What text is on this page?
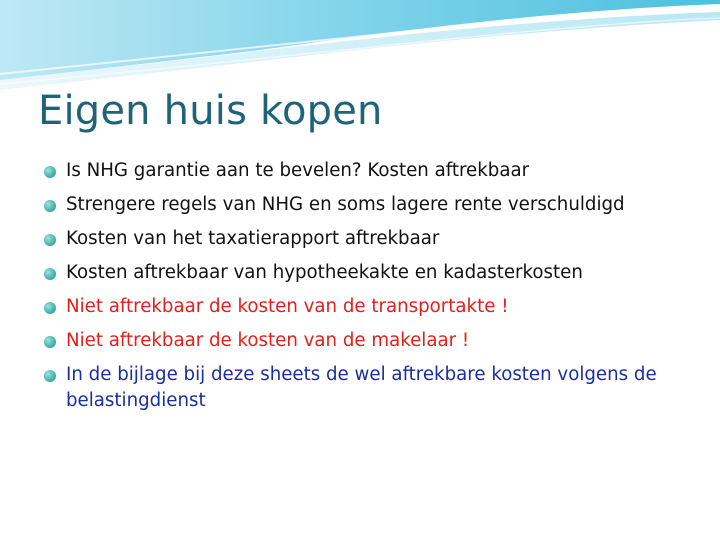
Eigen huis kopen
Is NHG garantie aan te bevelen? Kosten aftrekbaar
Strengere regels van NHG en soms lagere rente verschuldigd
Kosten van het taxatierapport aftrekbaar
Kosten aftrekbaar van hypotheekakte en kadasterkosten
Niet aftrekbaar de kosten van de transportakte !
Niet aftrekbaar de kosten van de makelaar !
In de bijlage bij deze sheets de wel aftrekbare kosten volgens de belastingdienst
